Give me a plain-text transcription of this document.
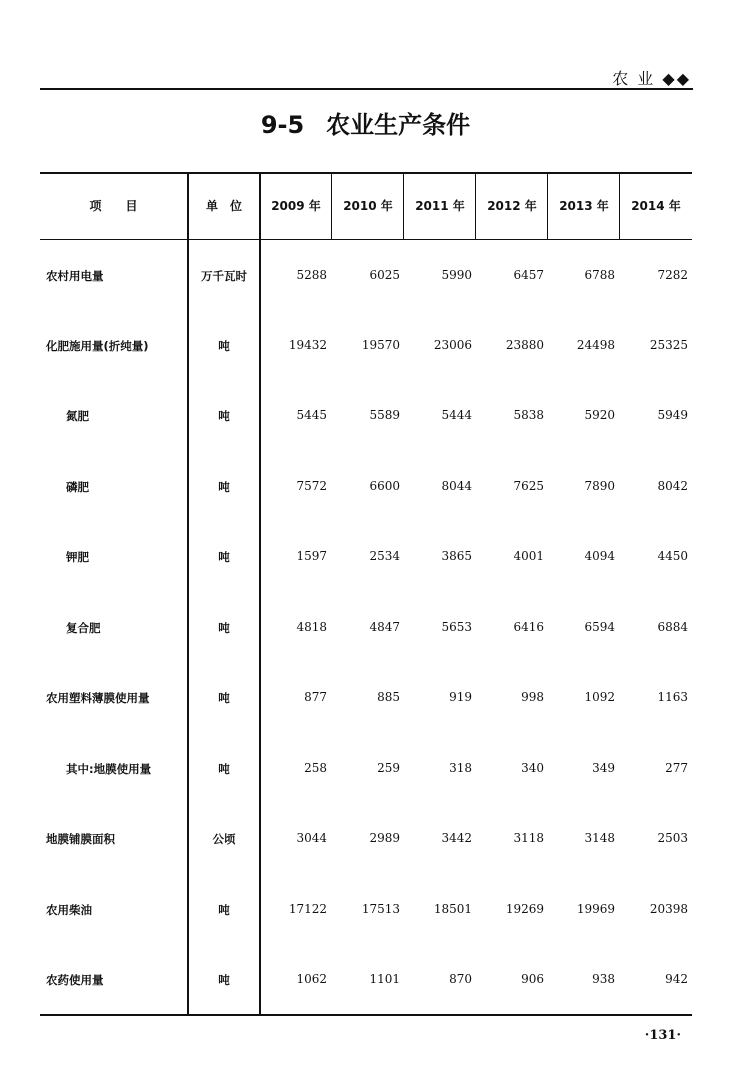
农 业 ◆◆
9-5 农业生产条件
项　　目	单　位	2009 年	2010 年	2011 年	2012 年	2013 年	2014 年
农村用电量	万千瓦时	5288	6025	5990	6457	6788	7282
化肥施用量(折纯量)	吨	19432	19570	23006	23880	24498	25325
氮肥	吨	5445	5589	5444	5838	5920	5949
磷肥	吨	7572	6600	8044	7625	7890	8042
钾肥	吨	1597	2534	3865	4001	4094	4450
复合肥	吨	4818	4847	5653	6416	6594	6884
农用塑料薄膜使用量	吨	877	885	919	998	1092	1163
其中:地膜使用量	吨	258	259	318	340	349	277
地膜铺膜面积	公顷	3044	2989	3442	3118	3148	2503
农用柴油	吨	17122	17513	18501	19269	19969	20398
农药使用量	吨	1062	1101	870	906	938	942
·131·
